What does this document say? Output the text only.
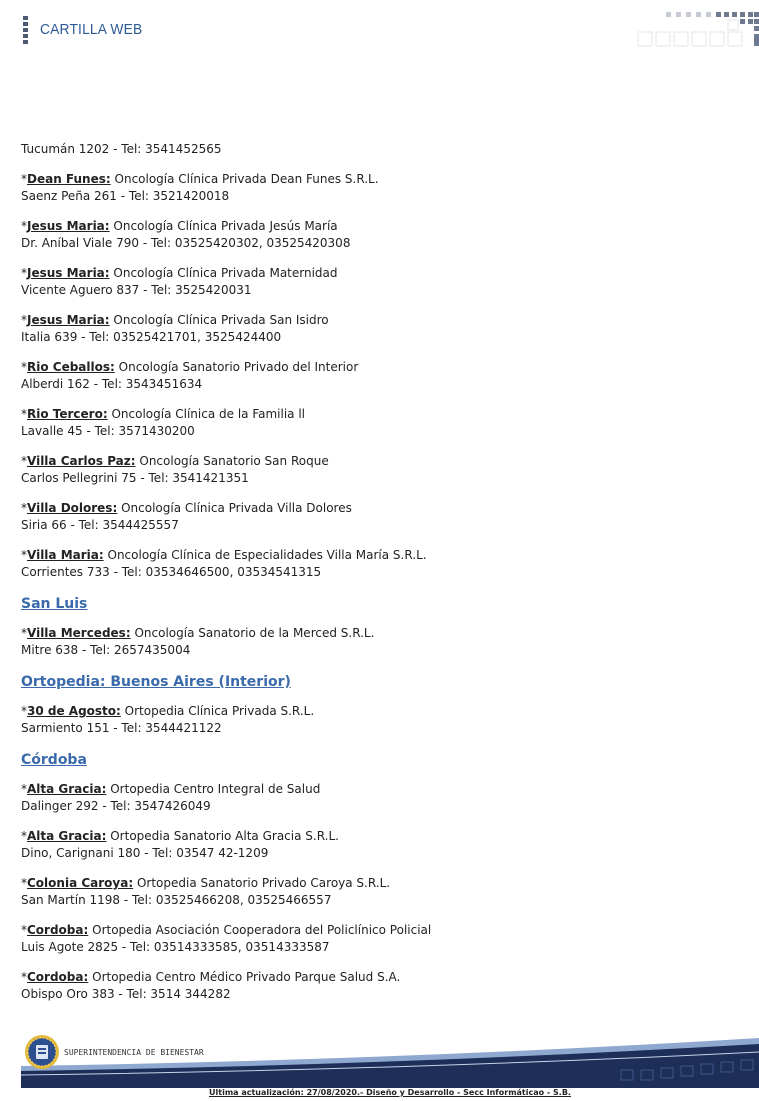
CARTILLA WEB

Tucumán 1202 - Tel: 3541452565

*Dean Funes: Oncología Clínica Privada Dean Funes S.R.L.
Saenz Peña 261 - Tel: 3521420018
*Jesus Maria: Oncología Clínica Privada Jesús María
Dr. Aníbal Viale 790 - Tel: 03525420302, 03525420308
*Jesus Maria: Oncología Clínica Privada Maternidad
Vicente Aguero 837 - Tel: 3525420031
*Jesus Maria: Oncología Clínica Privada San Isidro
Italia 639 - Tel: 03525421701, 3525424400
*Rio Ceballos: Oncología Sanatorio Privado del Interior
Alberdi 162 - Tel: 3543451634
*Rio Tercero: Oncología Clínica de la Familia ll
Lavalle 45 - Tel: 3571430200
*Villa Carlos Paz: Oncología Sanatorio San Roque
Carlos Pellegrini 75 - Tel: 3541421351
*Villa Dolores: Oncología Clínica Privada Villa Dolores
Siria 66 - Tel: 3544425557
*Villa Maria: Oncología Clínica de Especialidades Villa María S.R.L.
Corrientes 733 - Tel: 03534646500, 03534541315
San Luis
*Villa Mercedes: Oncología Sanatorio de la Merced S.R.L.
Mitre 638 - Tel: 2657435004
Ortopedia: Buenos Aires (Interior)
*30 de Agosto: Ortopedia Clínica Privada S.R.L.
Sarmiento 151 - Tel: 3544421122
Córdoba
*Alta Gracia: Ortopedia Centro Integral de Salud
Dalinger 292 - Tel: 3547426049
*Alta Gracia: Ortopedia Sanatorio Alta Gracia S.R.L.
Dino, Carignani 180 - Tel: 03547 42-1209
*Colonia Caroya: Ortopedia Sanatorio Privado Caroya S.R.L.
San Martín 1198 - Tel: 03525466208, 03525466557
*Cordoba: Ortopedia Asociación Cooperadora del Policlínico Policial
Luis Agote 2825 - Tel: 03514333585, 03514333587
*Cordoba: Ortopedia Centro Médico Privado Parque Salud S.A.
Obispo Oro 383 - Tel: 3514 344282
SUPERINTENDENCIA DE BIENESTAR
Ultima actualización: 27/08/2020.- Diseño y Desarrollo - Secc Informáticao - S.B.
